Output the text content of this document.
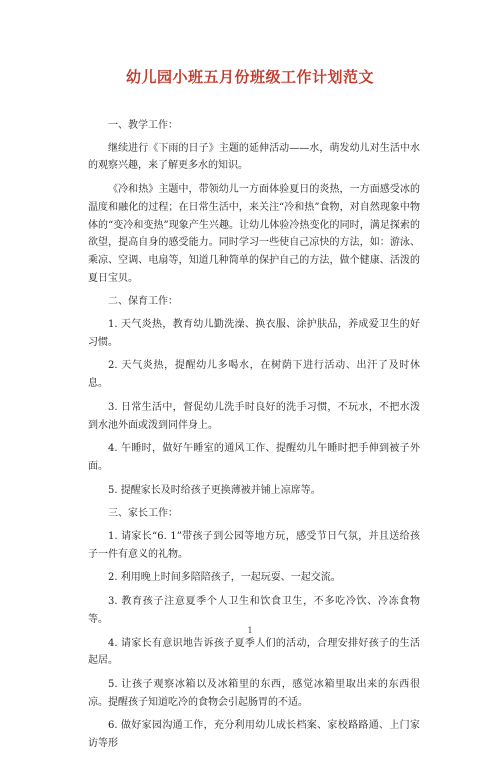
幼儿园小班五月份班级工作计划范文

一、教学工作：

继续进行《下雨的日子》主题的延伸活动——水，萌发幼儿对生活中水的观察兴趣，来了解更多水的知识。

《冷和热》主题中，带领幼儿一方面体验夏日的炎热，一方面感受冰的温度和融化的过程；在日常生活中，来关注“冷和热”食物，对自然现象中物体的“变冷和变热”现象产生兴趣。让幼儿体验冷热变化的同时，满足探索的欲望，提高自身的感受能力。同时学习一些使自己凉快的方法，如：游泳、乘凉、空调、电扇等，知道几种简单的保护自己的方法，做个健康、活泼的夏日宝贝。

二、保育工作：

1. 天气炎热，教育幼儿勤洗澡、换衣服、涂护肤品，养成爱卫生的好习惯。

2. 天气炎热，提醒幼儿多喝水，在树荫下进行活动、出汗了及时休息。

3. 日常生活中，督促幼儿洗手时良好的洗手习惯，不玩水，不把水泼到水池外面或泼到同伴身上。

4. 午睡时，做好午睡室的通风工作、提醒幼儿午睡时把手伸到被子外面。

5. 提醒家长及时给孩子更换薄被并铺上凉席等。

三、家长工作：

1. 请家长“6. 1”带孩子到公园等地方玩，感受节日气氛，并且送给孩子一件有意义的礼物。

2. 利用晚上时间多陪陪孩子，一起玩耍、一起交流。

3. 教育孩子注意夏季个人卫生和饮食卫生，不多吃冷饮、冷冻食物等。

4. 请家长有意识地告诉孩子夏季人们的活动，合理安排好孩子的生活起居。

5. 让孩子观察冰箱以及冰箱里的东西，感觉冰箱里取出来的东西很凉。提醒孩子知道吃冷的食物会引起肠胃的不适。

6. 做好家园沟通工作，充分利用幼儿成长档案、家校路路通、上门家访等形

1
